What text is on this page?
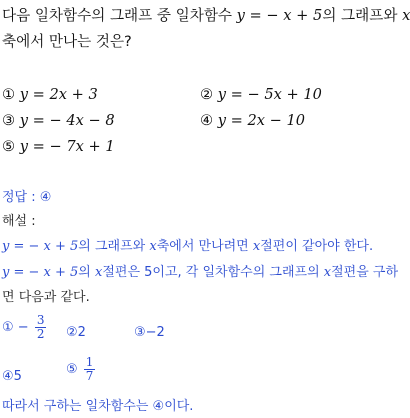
다음 일차함수의 그래프 중 일차함수 y = − x + 5의 그래프와 x
축에서 만나는 것은?
① y = 2x + 3	② y = − 5x + 10
③ y = − 4x − 8	④ y = 2x − 10
⑤ y = − 7x + 1
정답 : ④
해설 :
y = − x + 5의 그래프와 x축에서 만나려면 x절편이 같아야 한다.
y = − x + 5의 x절편은 5이고, 각 일차함수의 그래프의 x절편을 구하
면 다음과 같다.
① − $\frac{3}{2}$ ②2	③−2
④5	⑤ $\frac{1}{7}$
따라서 구하는 일차함수는 ④이다.
